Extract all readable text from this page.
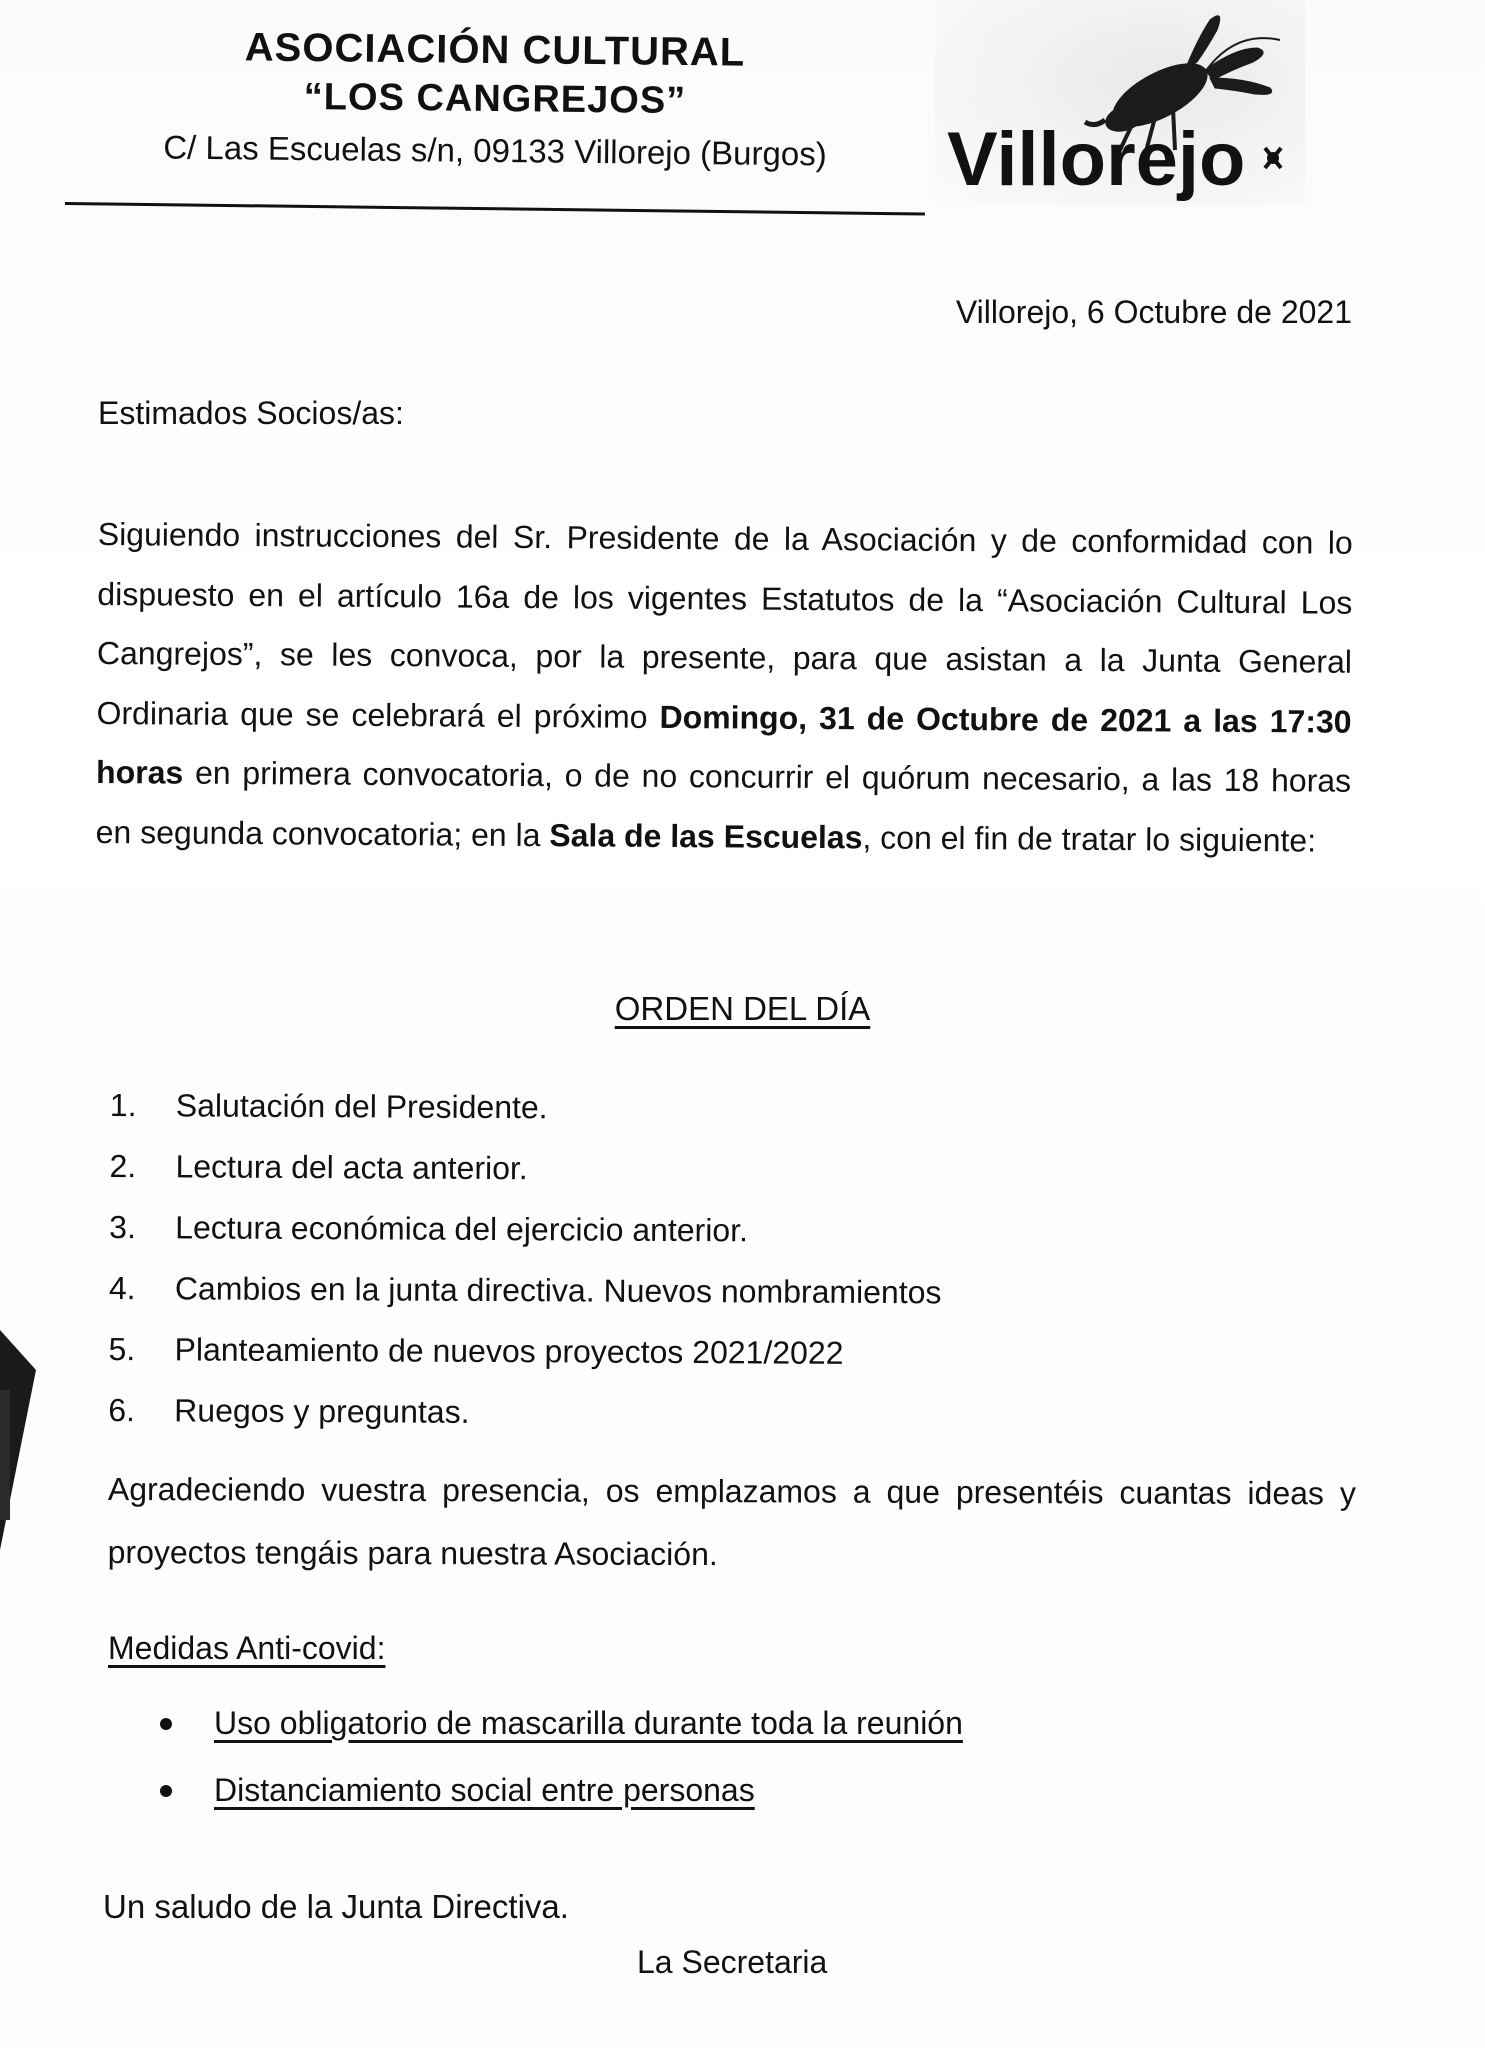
ASOCIACIÓN CULTURAL
“LOS CANGREJOS”
C/ Las Escuelas s/n, 09133 Villorejo (Burgos)	Villorejo
Villorejo, 6 Octubre de 2021
Estimados Socios/as:
Siguiendo instrucciones del Sr. Presidente de la Asociación y de conformidad con lo dispuesto en el artículo 16a de los vigentes Estatutos de la “Asociación Cultural Los Cangrejos”, se les convoca, por la presente, para que asistan a la Junta General Ordinaria que se celebrará el próximo Domingo, 31 de Octubre de 2021 a las 17:30 horas en primera convocatoria, o de no concurrir el quórum necesario, a las 18 horas en segunda convocatoria; en la Sala de las Escuelas, con el fin de tratar lo siguiente:
ORDEN DEL DÍA
1. Salutación del Presidente.
2. Lectura del acta anterior.
3. Lectura económica del ejercicio anterior.
4. Cambios en la junta directiva. Nuevos nombramientos
5. Planteamiento de nuevos proyectos 2021/2022
6. Ruegos y preguntas.
Agradeciendo vuestra presencia, os emplazamos a que presentéis cuantas ideas y proyectos tengáis para nuestra Asociación.
Medidas Anti-covid:
Uso obligatorio de mascarilla durante toda la reunión
Distanciamiento social entre personas
Un saludo de la Junta Directiva.
La Secretaria
